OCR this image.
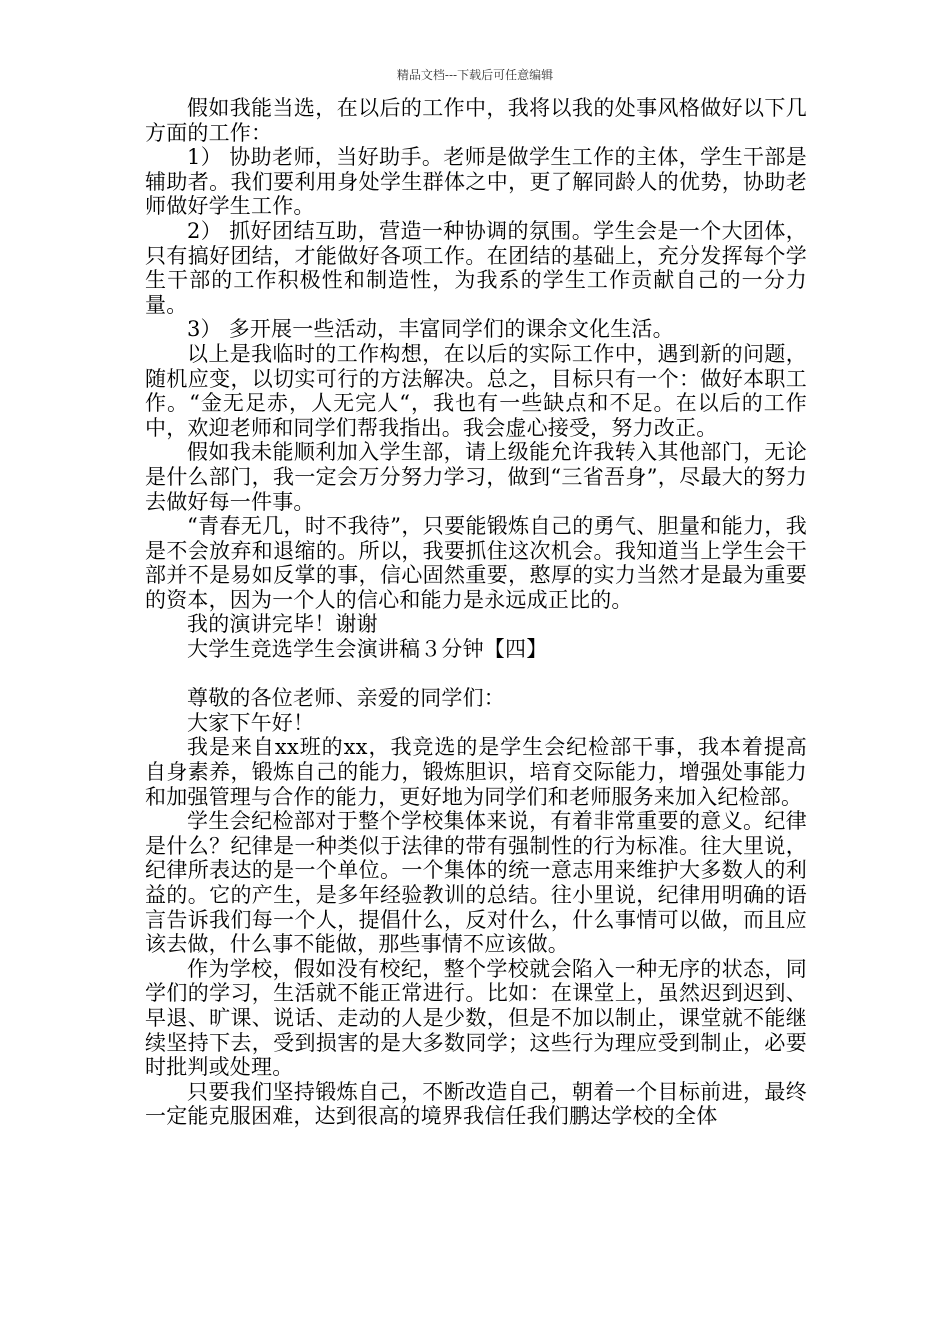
精品文档---下载后可任意编辑

假如我能当选，在以后的工作中，我将以我的处事风格做好以下几方面的工作：

1） 协助老师，当好助手。老师是做学生工作的主体，学生干部是辅助者。我们要利用身处学生群体之中，更了解同龄人的优势，协助老师做好学生工作。

2） 抓好团结互助，营造一种协调的氛围。学生会是一个大团体，只有搞好团结，才能做好各项工作。在团结的基础上，充分发挥每个学生干部的工作积极性和制造性，为我系的学生工作贡献自己的一分力量。

3） 多开展一些活动，丰富同学们的课余文化生活。

以上是我临时的工作构想，在以后的实际工作中，遇到新的问题，随机应变，以切实可行的方法解决。总之，目标只有一个：做好本职工作。“金无足赤，人无完人“，我也有一些缺点和不足。在以后的工作中，欢迎老师和同学们帮我指出。我会虚心接受，努力改正。

假如我未能顺利加入学生部，请上级能允许我转入其他部门，无论是什么部门，我一定会万分努力学习，做到“三省吾身”，尽最大的努力去做好每一件事。

“青春无几，时不我待”，只要能锻炼自己的勇气、胆量和能力，我是不会放弃和退缩的。所以，我要抓住这次机会。我知道当上学生会干部并不是易如反掌的事，信心固然重要，憨厚的实力当然才是最为重要的资本，因为一个人的信心和能力是永远成正比的。

我的演讲完毕！谢谢

大学生竞选学生会演讲稿３分钟【四】

尊敬的各位老师、亲爱的同学们：

大家下午好！

我是来自xx班的xx，我竞选的是学生会纪检部干事，我本着提高自身素养，锻炼自己的能力，锻炼胆识，培育交际能力，增强处事能力和加强管理与合作的能力，更好地为同学们和老师服务来加入纪检部。

学生会纪检部对于整个学校集体来说，有着非常重要的意义。纪律是什么？纪律是一种类似于法律的带有强制性的行为标准。往大里说，纪律所表达的是一个单位。一个集体的统一意志用来维护大多数人的利益的。它的产生，是多年经验教训的总结。往小里说，纪律用明确的语言告诉我们每一个人，提倡什么，反对什么，什么事情可以做，而且应该去做，什么事不能做，那些事情不应该做。

作为学校，假如没有校纪，整个学校就会陷入一种无序的状态，同学们的学习，生活就不能正常进行。比如：在课堂上，虽然迟到迟到、早退、旷课、说话、走动的人是少数，但是不加以制止，课堂就不能继续坚持下去，受到损害的是大多数同学；这些行为理应受到制止，必要时批判或处理。

只要我们坚持锻炼自己，不断改造自己，朝着一个目标前进，最终一定能克服困难，达到很高的境界我信任我们鹏达学校的全体
